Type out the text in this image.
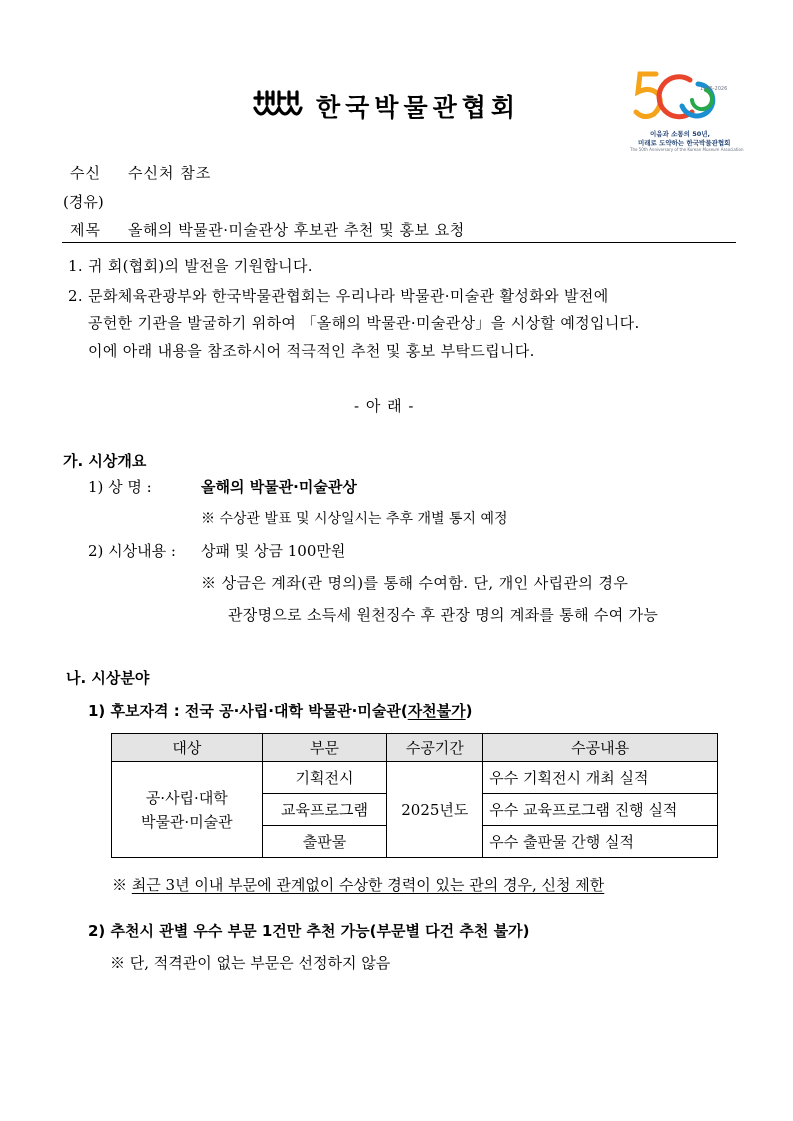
한국박물관협회
1976-2026
이음과 소통의 50년,
미래로 도약하는 한국박물관협회
The 50th Anniversary of the Korean Museum Association
수신 수신처 참조
(경유)
제목 올해의 박물관·미술관상 후보관 추천 및 홍보 요청
1. 귀 회(협회)의 발전을 기원합니다.
2. 문화체육관광부와 한국박물관협회는 우리나라 박물관·미술관 활성화와 발전에
공헌한 기관을 발굴하기 위하여 「올해의 박물관·미술관상」을 시상할 예정입니다.
이에 아래 내용을 참조하시어 적극적인 추천 및 홍보 부탁드립니다.
- 아 래 -
가. 시상개요
1) 상 명 :	올해의 박물관·미술관상
※ 수상관 발표 및 시상일시는 추후 개별 통지 예정
2) 시상내용 : 상패 및 상금 100만원
※ 상금은 계좌(관 명의)를 통해 수여함. 단, 개인 사립관의 경우
관장명으로 소득세 원천징수 후 관장 명의 계좌를 통해 수여 가능
나. 시상분야
1) 후보자격 : 전국 공·사립·대학 박물관·미술관(자천불가)
대상	부문	수공기간	수공내용

공·사립·대학
박물관·미술관	기획전시	2025년도	우수 기획전시 개최 실적
	교육프로그램		우수 교육프로그램 진행 실적
	출판물		우수 출판물 간행 실적
※ 최근 3년 이내 부문에 관계없이 수상한 경력이 있는 관의 경우, 신청 제한
2) 추천시 관별 우수 부문 1건만 추천 가능(부문별 다건 추천 불가)
※ 단, 적격관이 없는 부문은 선정하지 않음
